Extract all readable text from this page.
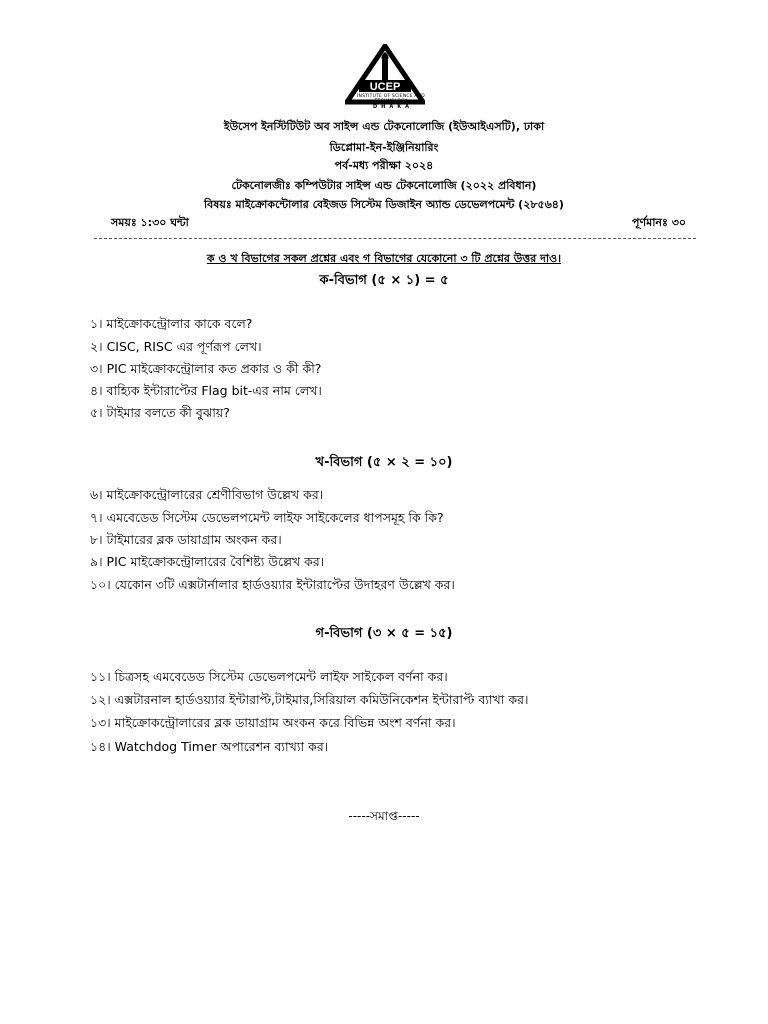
UCEP
INSTITUTE OF SCIENCE AND TECHNOLOGY
DHAKA
ইউসেপ ইনস্টিটিউট অব সাইন্স এন্ড টেকনোলোজি (ইউআইএসটি), ঢাকা
ডিপ্লোমা-ইন-ইঞ্জিনিয়ারিং
পর্ব-মধ্য পরীক্ষা ২০২৪
টেকনোলজীঃ কম্পিউটার সাইন্স এন্ড টেকনোলোজি (২০২২ প্রবিধান)
বিষয়ঃ মাইক্রোকন্টোলার বেইজড সিস্টেম ডিজাইন অ্যান্ড ডেভেলপমেন্ট (২৮৫৬৪)
সময়ঃ ১:৩০ ঘন্টা	পূর্ণমানঃ ৩০
ক ও খ বিভাগের সকল প্রশ্নের এবং গ বিভাগের যেকোনো ৩ টি প্রশ্নের উত্তর দাও।
ক-বিভাগ (৫ × ১) = ৫
১। মাইক্রোকন্ট্রোলার কাকে বলে?
২। CISC, RISC এর পূর্ণরূপ লেখ।
৩। PIC মাইক্রোকন্ট্রোলার কত প্রকার ও কী কী?
৪। বাহ্যিক ইন্টারাপ্টের Flag bit-এর নাম লেখ।
৫। টাইমার বলতে কী বুঝায়?
খ-বিভাগ (৫ × ২ = ১০)
৬। মাইক্রোকন্ট্রোলারের শ্রেণীবিভাগ উল্লেখ কর।
৭। এমবেডেড সিস্টেম ডেভেলপমেন্ট লাইফ সাইকেলের ধাপসমূহ কি কি?
৮। টাইমারের ব্লক ডায়াগ্রাম অংকন কর।
৯। PIC মাইক্রোকন্ট্রোলারের বৈশিষ্ট্য উল্লেখ কর।
১০। যেকোন ৩টি এক্সটার্নালার হার্ডওয়্যার ইন্টারাপ্টের উদাহরণ উল্লেখ কর।
গ-বিভাগ (৩ × ৫ = ১৫)
১১। চিত্রসহ এমবেডেড সিস্টেম ডেভেলপমেন্ট লাইফ সাইকেল বর্ণনা কর।
১২। এক্সটারনাল হার্ডওয়্যার ইন্টারাপ্ট,টাইমার,সিরিয়াল কমিউনিকেশন ইন্টারাপ্ট ব্যাখা কর।
১৩। মাইক্রোকন্ট্রোলারের ব্লক ডায়াগ্রাম অংকন করে বিভিন্ন অংশ বর্ণনা কর।
১৪। Watchdog Timer অপারেশন ব্যাখ্যা কর।
-----সমাপ্ত-----
